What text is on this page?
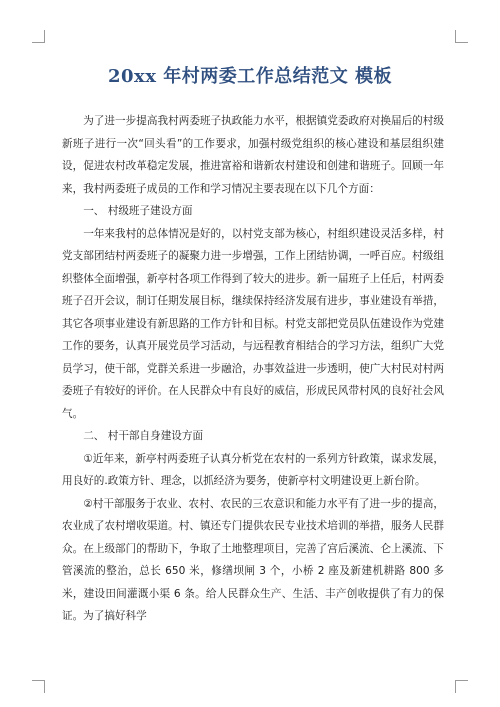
20xx 年村两委工作总结范文 模板

为了进一步提高我村两委班子执政能力水平，根据镇党委政府对换届后的村级新班子进行一次“回头看”的工作要求，加强村级党组织的核心建设和基层组织建设，促进农村改革稳定发展，推进富裕和谐新农村建设和创建和谐班子。回顾一年来，我村两委班子成员的工作和学习情况主要表现在以下几个方面：

一、 村级班子建设方面

一年来我村的总体情况是好的，以村党支部为核心，村组织建设灵活多样，村党支部团结村两委班子的凝聚力进一步增强，工作上团结协调，一呼百应。村级组织整体全面增强，新亭村各项工作得到了较大的进步。新一届班子上任后，村两委班子召开会议，制订任期发展目标，继续保持经济发展有进步，事业建设有举措，其它各项事业建设有新思路的工作方针和目标。村党支部把党员队伍建设作为党建工作的要务，认真开展党员学习活动，与远程教育相结合的学习方法，组织广大党员学习，使干部，党群关系进一步融洽，办事效益进一步透明，使广大村民对村两委班子有较好的评价。在人民群众中有良好的威信，形成民风带村风的良好社会风气。

二、 村干部自身建设方面

①近年来，新亭村两委班子认真分析党在农村的一系列方针政策，谋求发展，用良好的.政策方针、理念，以抓经济为要务，使新亭村文明建设更上新台阶。

②村干部服务于农业、农村、农民的三农意识和能力水平有了进一步的提高，农业成了农村增收渠道。村、镇还专门提供农民专业技术培训的举措，服务人民群众。在上级部门的帮助下，争取了土地整理项目，完善了宫后溪流、仑上溪流、下管溪流的整治，总长 650 米，修缮坝闸 3 个，小桥 2 座及新建机耕路 800 多米，建设田间灌溉小渠 6 条。给人民群众生产、生活、丰产创收提供了有力的保证。为了搞好科学
